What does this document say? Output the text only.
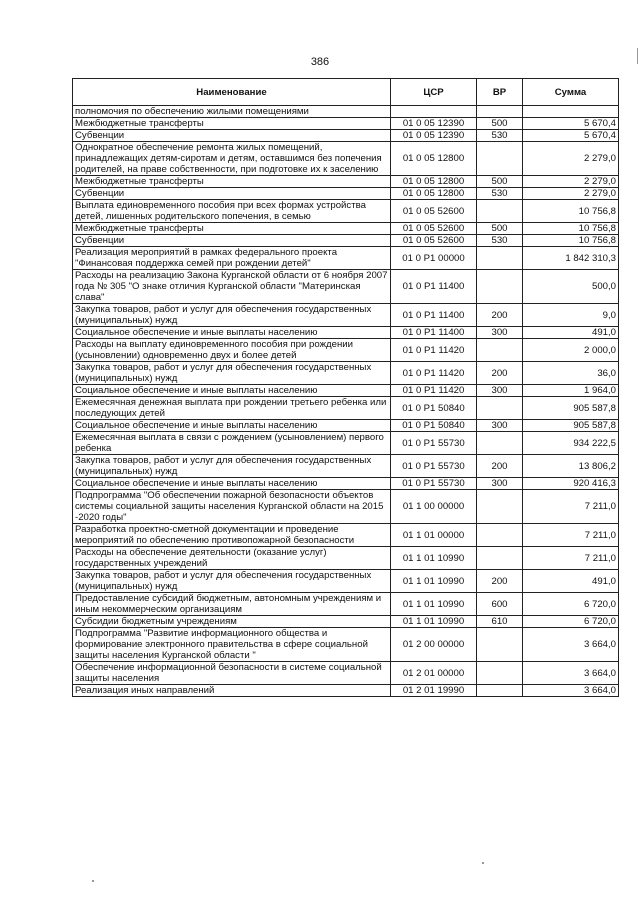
386
Наименование	ЦСР	ВР	Сумма
полномочия по обеспечению жилыми помещениями			
Межбюджетные трансферты	01 0 05 12390	500	5 670,4
Субвенции	01 0 05 12390	530	5 670,4
Однократное обеспечение ремонта жилых помещений, принадлежащих детям-сиротам и детям, оставшимся без попечения родителей, на праве собственности, при подготовке их к заселению	01 0 05 12800		2 279,0
Межбюджетные трансферты	01 0 05 12800	500	2 279,0
Субвенции	01 0 05 12800	530	2 279,0
Выплата единовременного пособия при всех формах устройства детей, лишенных родительского попечения, в семью	01 0 05 52600		10 756,8
Межбюджетные трансферты	01 0 05 52600	500	10 756,8
Субвенции	01 0 05 52600	530	10 756,8
Реализация мероприятий в рамках федерального проекта "Финансовая поддержка семей при рождении детей"	01 0 P1 00000		1 842 310,3
Расходы на реализацию Закона Курганской области от 6 ноября 2007 года № 305 "О знаке отличия Курганской области "Материнская слава"	01 0 P1 11400		500,0
Закупка товаров, работ и услуг для обеспечения государственных (муниципальных) нужд	01 0 P1 11400	200	9,0
Социальное обеспечение и иные выплаты населению	01 0 P1 11400	300	491,0
Расходы на выплату единовременного пособия при рождении (усыновлении) одновременно двух и более детей	01 0 P1 11420		2 000,0
Закупка товаров, работ и услуг для обеспечения государственных (муниципальных) нужд	01 0 P1 11420	200	36,0
Социальное обеспечение и иные выплаты населению	01 0 P1 11420	300	1 964,0
Ежемесячная денежная выплата при рождении третьего ребенка или последующих детей	01 0 P1 50840		905 587,8
Социальное обеспечение и иные выплаты населению	01 0 P1 50840	300	905 587,8
Ежемесячная выплата в связи с рождением (усыновлением) первого ребенка	01 0 P1 55730		934 222,5
Закупка товаров, работ и услуг для обеспечения государственных (муниципальных) нужд	01 0 P1 55730	200	13 806,2
Социальное обеспечение и иные выплаты населению	01 0 P1 55730	300	920 416,3
Подпрограмма "Об обеспечении пожарной безопасности объектов системы социальной защиты населения Курганской области на 2015 -2020 годы"	01 1 00 00000		7 211,0
Разработка проектно-сметной документации и проведение мероприятий по обеспечению противопожарной безопасности	01 1 01 00000		7 211,0
Расходы на обеспечение деятельности (оказание услуг) государственных учреждений	01 1 01 10990		7 211,0
Закупка товаров, работ и услуг для обеспечения государственных (муниципальных) нужд	01 1 01 10990	200	491,0
Предоставление субсидий бюджетным, автономным учреждениям и иным некоммерческим организациям	01 1 01 10990	600	6 720,0
Субсидии бюджетным учреждениям	01 1 01 10990	610	6 720,0
Подпрограмма "Развитие информационного общества и формирование электронного правительства в сфере социальной защиты населения Курганской области "	01 2 00 00000		3 664,0
Обеспечение информационной безопасности в системе социальной защиты населения	01 2 01 00000		3 664,0
Реализация иных направлений	01 2 01 19990		3 664,0
